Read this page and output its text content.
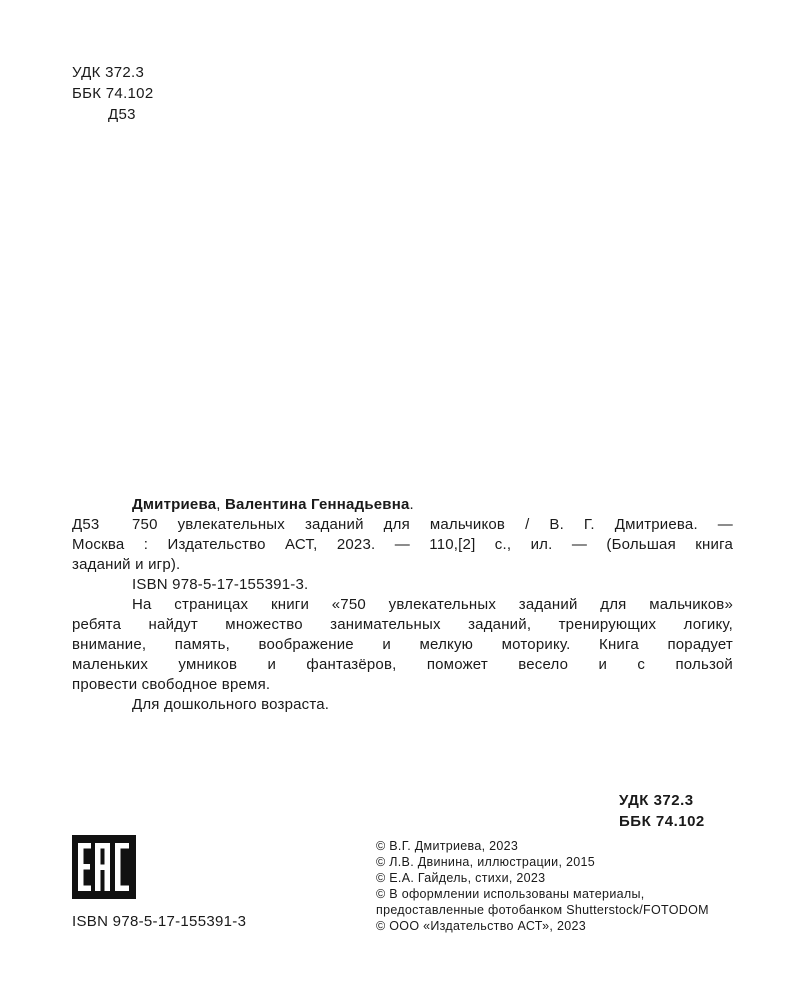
УДК 372.3
ББК 74.102
Д53
Дмитриева, Валентина Геннадьевна.
Д53 750 увлекательных заданий для мальчиков / В. Г. Дмитриева. —
Москва : Издательство АСТ, 2023. — 110,[2] с., ил. — (Большая книга
заданий и игр).
ISBN 978-5-17-155391-3.
На страницах книги «750 увлекательных заданий для мальчиков»
ребята найдут множество занимательных заданий, тренирующих логику,
внимание, память, воображение и мелкую моторику. Книга порадует
маленьких умников и фантазёров, поможет весело и с пользой
провести свободное время.
Для дошкольного возраста.
УДК 372.3
ББК 74.102
ISBN 978-5-17-155391-3
© В.Г. Дмитриева, 2023
© Л.В. Двинина, иллюстрации, 2015
© Е.А. Гайдель, стихи, 2023
© В оформлении использованы материалы,
предоставленные фотобанком Shutterstock/FOTODOM
© ООО «Издательство АСТ», 2023
